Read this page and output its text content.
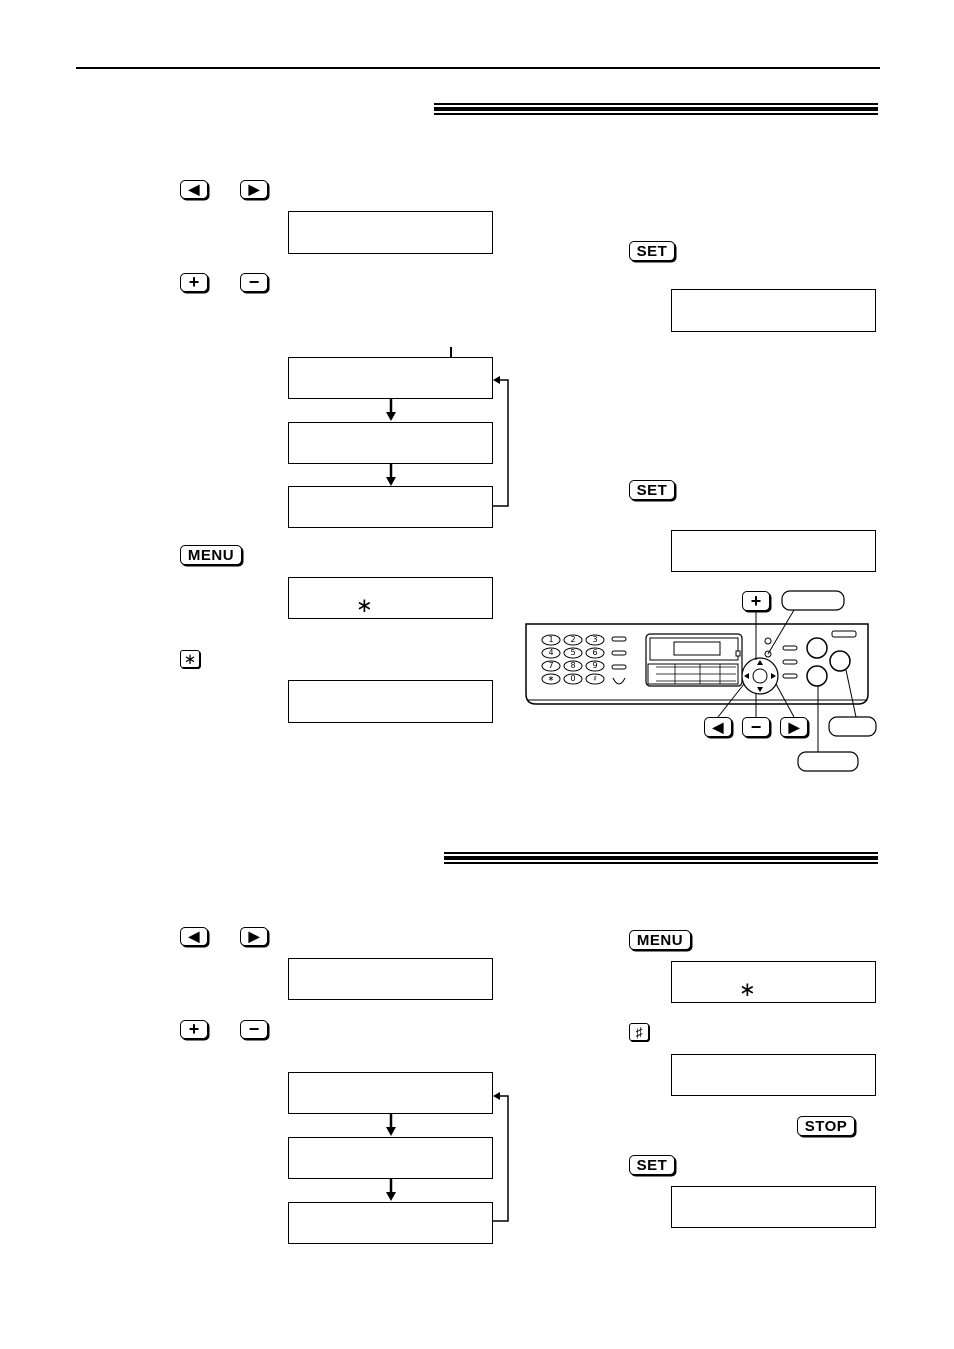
◀	▶
+	−
MENU
∗
∗
SET
SET
1	2	3
4	5	6
7	8	9
∗	0	♯
+
◀ − ▶
◀	▶
+	−
MENU
∗
♯
STOP
SET
